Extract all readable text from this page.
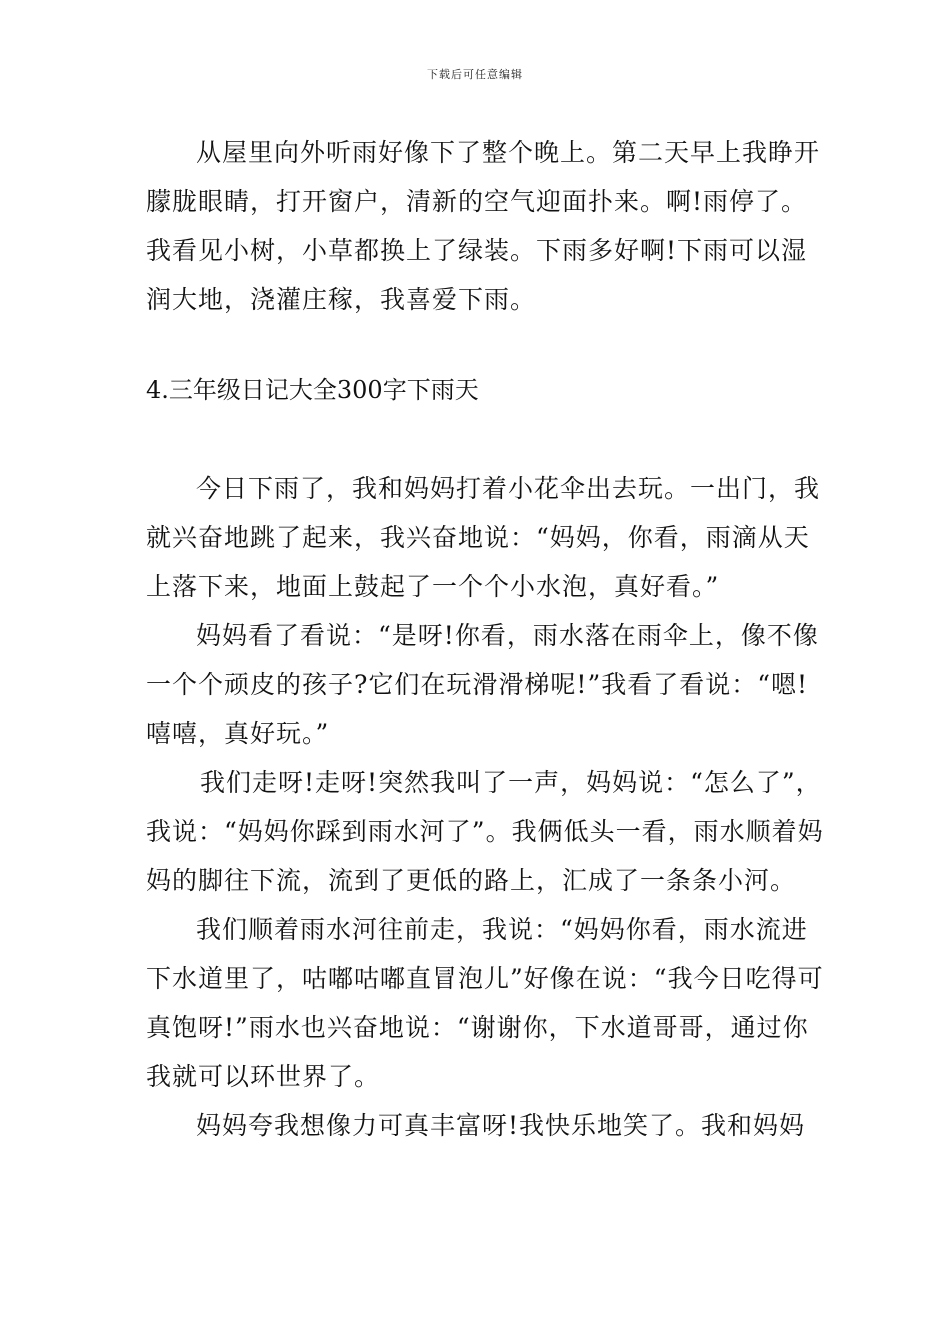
下载后可任意编辑

从屋里向外听雨好像下了整个晚上。第二天早上我睁开朦胧眼睛，打开窗户，清新的空气迎面扑来。啊!雨停了。我看见小树，小草都换上了绿装。下雨多好啊!下雨可以湿润大地，浇灌庄稼，我喜爱下雨。

4.三年级日记大全300字下雨天

今日下雨了，我和妈妈打着小花伞出去玩。一出门，我就兴奋地跳了起来，我兴奋地说：“妈妈，你看，雨滴从天上落下来，地面上鼓起了一个个小水泡，真好看。”

妈妈看了看说：“是呀!你看，雨水落在雨伞上，像不像一个个顽皮的孩子?它们在玩滑滑梯呢!”我看了看说：“嗯!嘻嘻，真好玩。”

我们走呀!走呀!突然我叫了一声，妈妈说：“怎么了”，我说：“妈妈你踩到雨水河了”。我俩低头一看，雨水顺着妈妈的脚往下流，流到了更低的路上，汇成了一条条小河。

我们顺着雨水河往前走，我说：“妈妈你看，雨水流进下水道里了，咕嘟咕嘟直冒泡儿”好像在说：“我今日吃得可真饱呀!”雨水也兴奋地说：“谢谢你，下水道哥哥，通过你我就可以环世界了。

妈妈夸我想像力可真丰富呀!我快乐地笑了。我和妈妈
